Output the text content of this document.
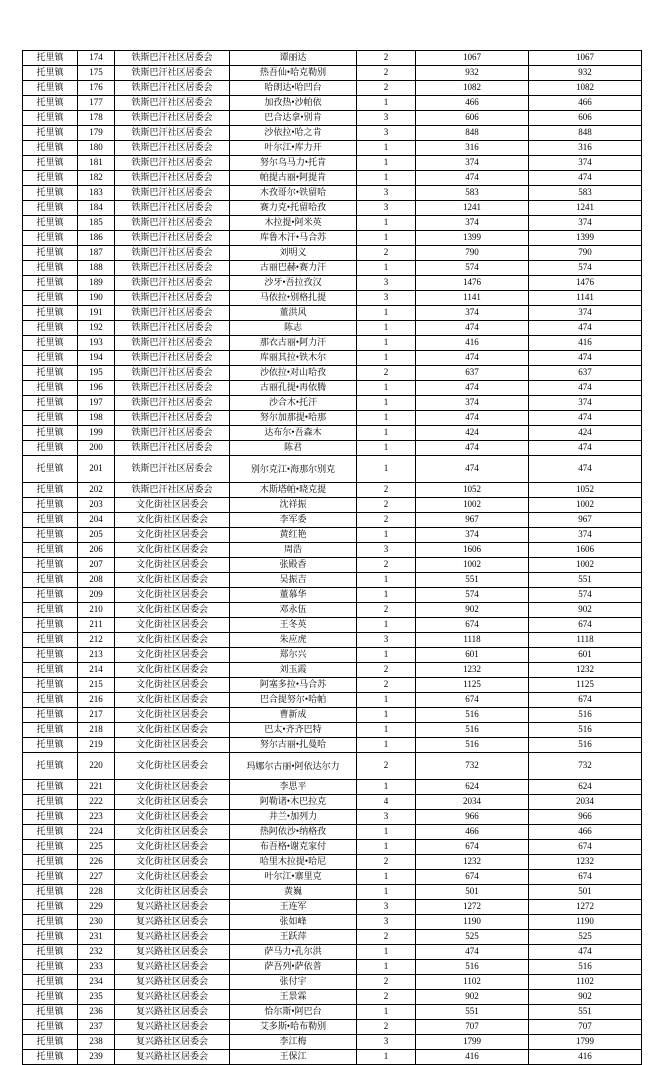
托里镇	174	铁斯巴汗社区居委会	谭丽达	2	1067	1067
托里镇	175	铁斯巴汗社区居委会	热吾仙•哈克勒别	2	932	932
托里镇	176	铁斯巴汗社区居委会	哈朗达•哈凹台	2	1082	1082
托里镇	177	铁斯巴汗社区居委会	加孜热•沙帕依	1	466	466
托里镇	178	铁斯巴汗社区居委会	巴合达拿•别肯	3	606	606
托里镇	179	铁斯巴汗社区居委会	沙依拉•哈之肯	3	848	848
托里镇	180	铁斯巴汗社区居委会	叶尔江•库力开	1	316	316
托里镇	181	铁斯巴汗社区居委会	努尔乌马力•托肯	1	374	374
托里镇	182	铁斯巴汗社区居委会	帕提古丽•阿提肯	1	474	474
托里镇	183	铁斯巴汗社区居委会	木孜哥尔•铁留哈	3	583	583
托里镇	184	铁斯巴汗社区居委会	赛力克•托留哈孜	3	1241	1241
托里镇	185	铁斯巴汗社区居委会	木拉提•阿米英	1	374	374
托里镇	186	铁斯巴汗社区居委会	库鲁木汗•马合苏	1	1399	1399
托里镇	187	铁斯巴汗社区居委会	刘明义	2	790	790
托里镇	188	铁斯巴汗社区居委会	古丽巴赫•赛力汗	1	574	574
托里镇	189	铁斯巴汗社区居委会	沙牙•吾拉孜汉	3	1476	1476
托里镇	190	铁斯巴汗社区居委会	马依拉•别格扎提	3	1141	1141
托里镇	191	铁斯巴汗社区居委会	董洪风	1	374	374
托里镇	192	铁斯巴汗社区居委会	陈志	1	474	474
托里镇	193	铁斯巴汗社区居委会	那衣古丽•阿力汗	1	416	416
托里镇	194	铁斯巴汗社区居委会	库丽其拉•铁木尔	1	474	474
托里镇	195	铁斯巴汗社区居委会	沙依拉•对山哈孜	2	637	637
托里镇	196	铁斯巴汗社区居委会	古丽孔提•再依腾	1	474	474
托里镇	197	铁斯巴汗社区居委会	沙合木•托汗	1	374	374
托里镇	198	铁斯巴汗社区居委会	努尔加那提•哈那	1	474	474
托里镇	199	铁斯巴汗社区居委会	达布尔•吾森木	1	424	424
托里镇	200	铁斯巴汗社区居委会	陈君	1	474	474
托里镇	201	铁斯巴汗社区居委会	别尔克江•海那尔别克	1	474	474
托里镇	202	铁斯巴汗社区居委会	木斯塔帕•晓克提	2	1052	1052
托里镇	203	文化街社区居委会	沈祥振	2	1002	1002
托里镇	204	文化街社区居委会	李军委	2	967	967
托里镇	205	文化街社区居委会	黄红艳	1	374	374
托里镇	206	文化街社区居委会	周浩	3	1606	1606
托里镇	207	文化街社区居委会	张殿香	2	1002	1002
托里镇	208	文化街社区居委会	吴振吉	1	551	551
托里镇	209	文化街社区居委会	董慕华	1	574	574
托里镇	210	文化街社区居委会	邓永伍	2	902	902
托里镇	211	文化街社区居委会	王冬英	1	674	674
托里镇	212	文化街社区居委会	朱应虎	3	1118	1118
托里镇	213	文化街社区居委会	郑尔兴	1	601	601
托里镇	214	文化街社区居委会	刘玉霞	2	1232	1232
托里镇	215	文化街社区居委会	阿塞多拉•马合苏	2	1125	1125
托里镇	216	文化街社区居委会	巴合提努尔•哈帕	1	674	674
托里镇	217	文化街社区居委会	曹新成	1	516	516
托里镇	218	文化街社区居委会	巴太•齐齐巴特	1	516	516
托里镇	219	文化街社区居委会	努尔古丽•扎曼哈	1	516	516
托里镇	220	文化街社区居委会	玛娜尔古丽•阿依达尔力	2	732	732
托里镇	221	文化街社区居委会	李思平	1	624	624
托里镇	222	文化街社区居委会	阿勒诸•木巴拉克	4	2034	2034
托里镇	223	文化街社区居委会	井兰•加列力	3	966	966
托里镇	224	文化街社区居委会	热阿依沙•纳格孜	1	466	466
托里镇	225	文化街社区居委会	布吾格•谢克家付	1	674	674
托里镇	226	文化街社区居委会	哈里木拉提•哈尼	2	1232	1232
托里镇	227	文化街社区居委会	叶尔江•寨里克	1	674	674
托里镇	228	文化街社区居委会	黄巍	1	501	501
托里镇	229	复兴路社区居委会	王连军	3	1272	1272
托里镇	230	复兴路社区居委会	张如峰	3	1190	1190
托里镇	231	复兴路社区居委会	王跃萍	2	525	525
托里镇	232	复兴路社区居委会	萨马力•孔尔洪	1	474	474
托里镇	233	复兴路社区居委会	萨吾列•萨依普	1	516	516
托里镇	234	复兴路社区居委会	张付宇	2	1102	1102
托里镇	235	复兴路社区居委会	王景霖	2	902	902
托里镇	236	复兴路社区居委会	恰尔斯•阿巴台	1	551	551
托里镇	237	复兴路社区居委会	艾多斯•哈布勒别	2	707	707
托里镇	238	复兴路社区居委会	李江梅	3	1799	1799
托里镇	239	复兴路社区居委会	王保江	1	416	416
